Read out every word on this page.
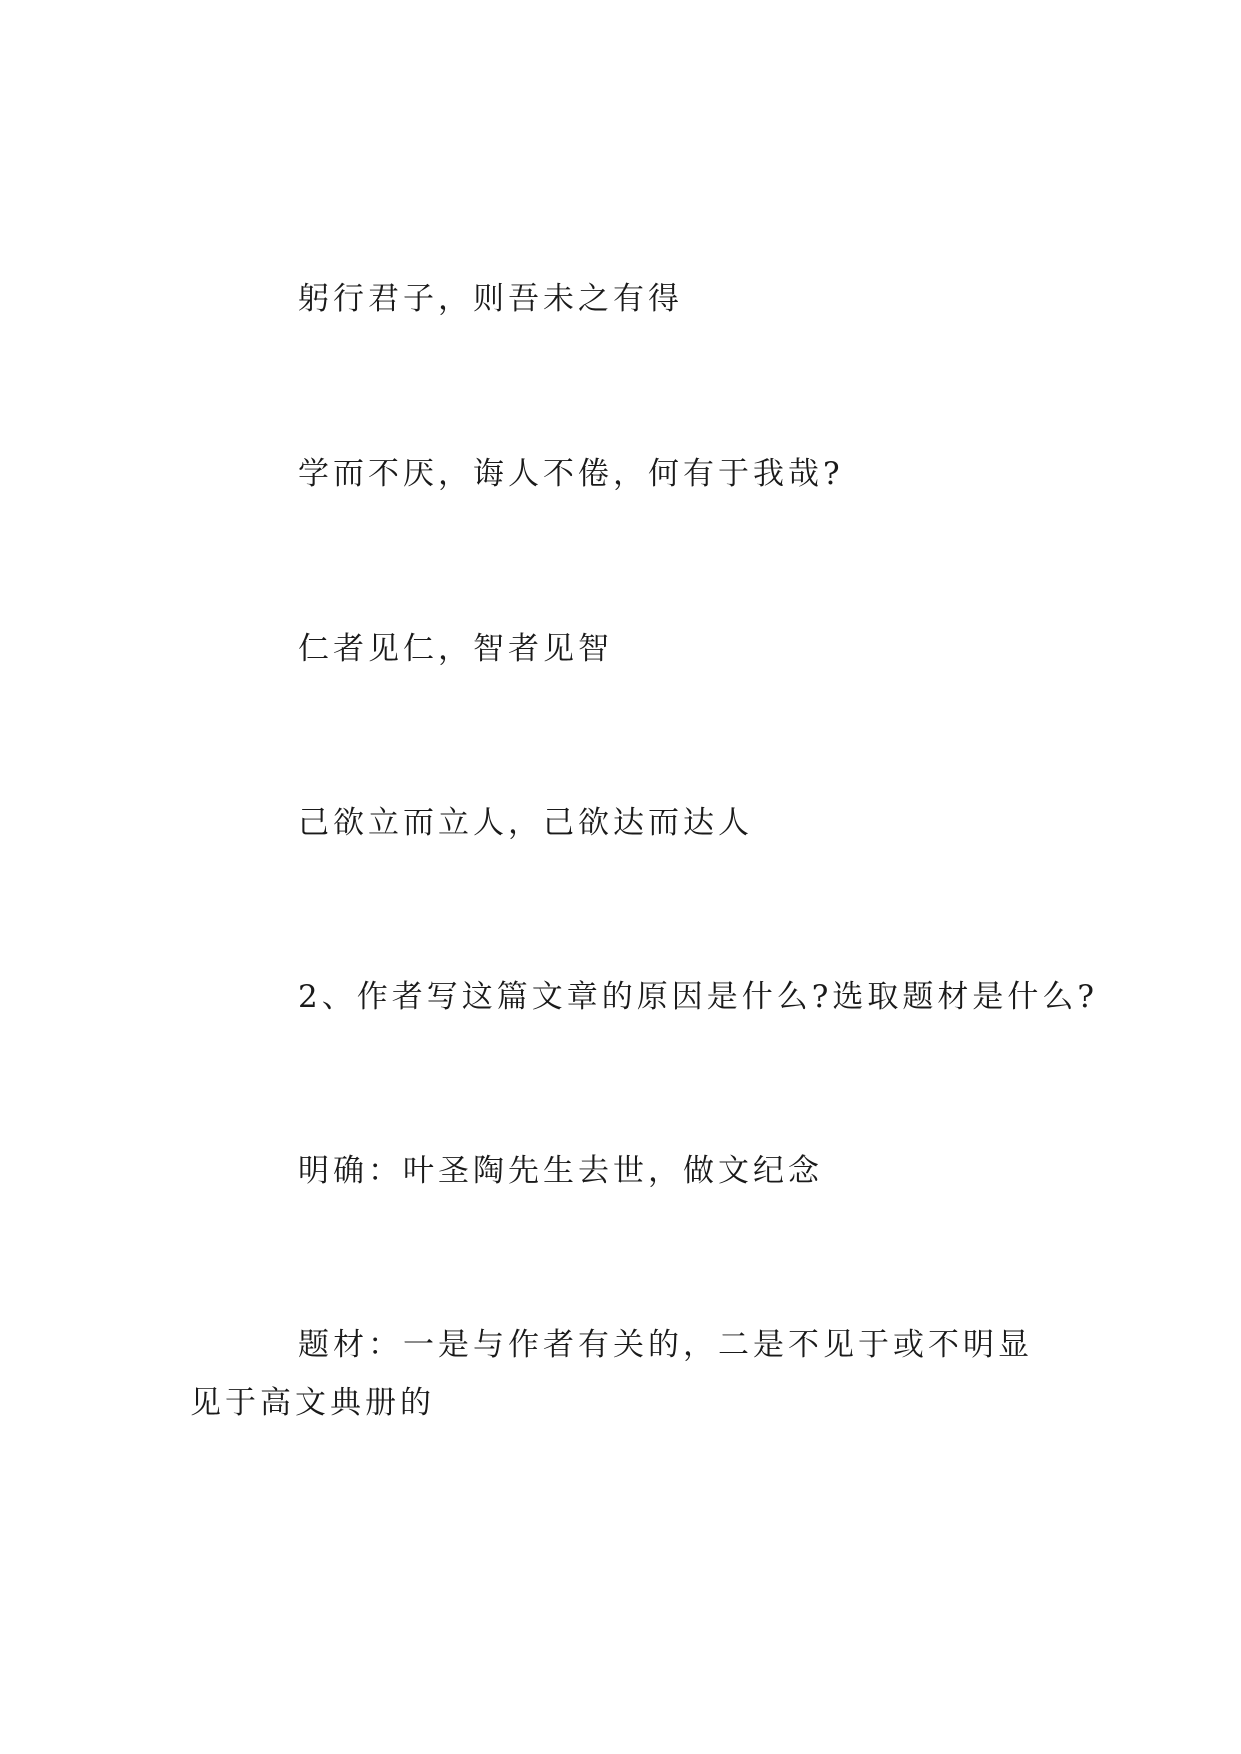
躬行君子，则吾未之有得
学而不厌，诲人不倦，何有于我哉?
仁者见仁，智者见智
己欲立而立人，己欲达而达人
2、作者写这篇文章的原因是什么?选取题材是什么?
明确：叶圣陶先生去世，做文纪念
题材：一是与作者有关的，二是不见于或不明显见于高文典册的
